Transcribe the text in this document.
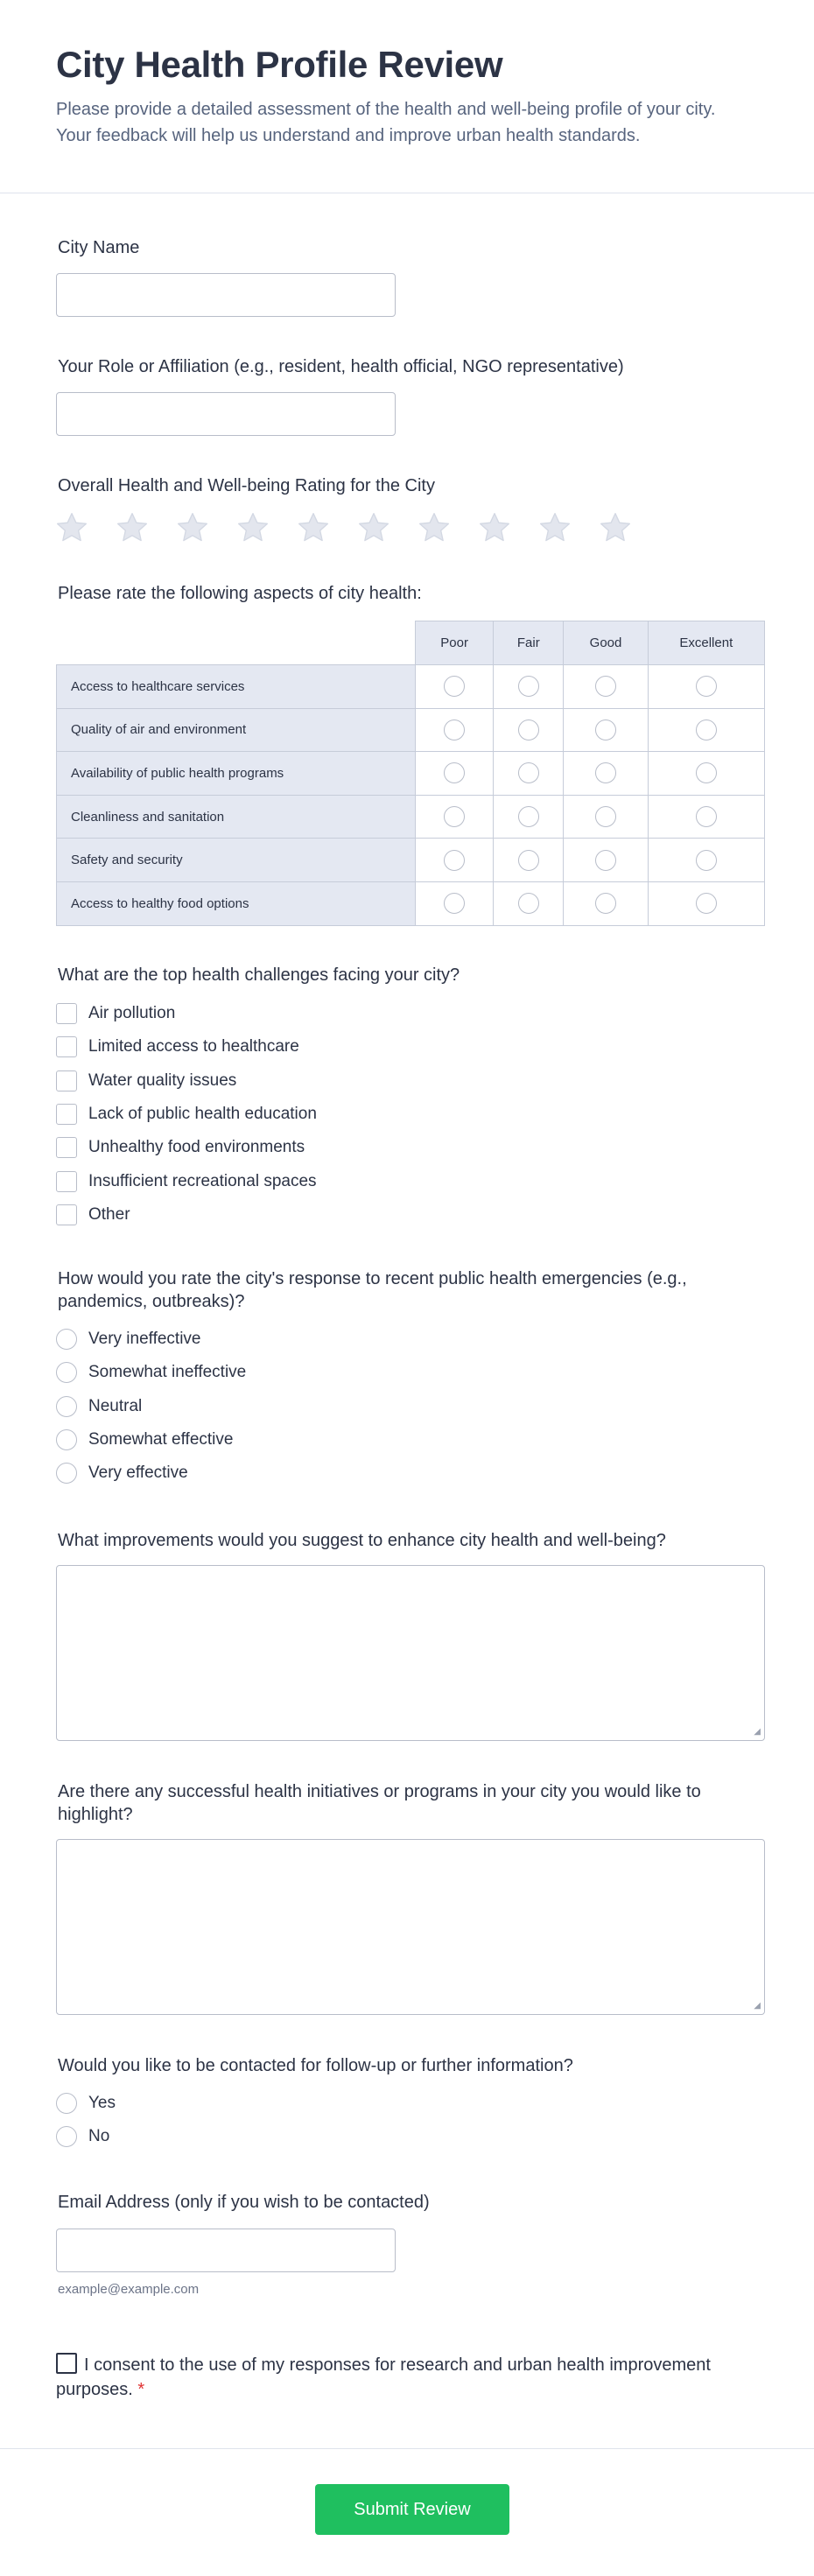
City Health Profile Review

Please provide a detailed assessment of the health and well-being profile of your city. Your feedback will help us understand and improve urban health standards.

City Name
Your Role or Affiliation (e.g., resident, health official, NGO representative)
Overall Health and Well-being Rating for the City
Please rate the following aspects of city health:
	Poor	Fair	Good	Excellent
Access to healthcare services				
Quality of air and environment				
Availability of public health programs				
Cleanliness and sanitation				
Safety and security				
Access to healthy food options				
What are the top health challenges facing your city?
Air pollution
Limited access to healthcare
Water quality issues
Lack of public health education
Unhealthy food environments
Insufficient recreational spaces
Other
How would you rate the city's response to recent public health emergencies (e.g., pandemics, outbreaks)?
Very ineffective
Somewhat ineffective
Neutral
Somewhat effective
Very effective
What improvements would you suggest to enhance city health and well-being?
◢
Are there any successful health initiatives or programs in your city you would like to highlight?
◢
Would you like to be contacted for follow-up or further information?
Yes
No
Email Address (only if you wish to be contacted)
example@example.com
I consent to the use of my responses for research and urban health improvement purposes. *
Submit Review
